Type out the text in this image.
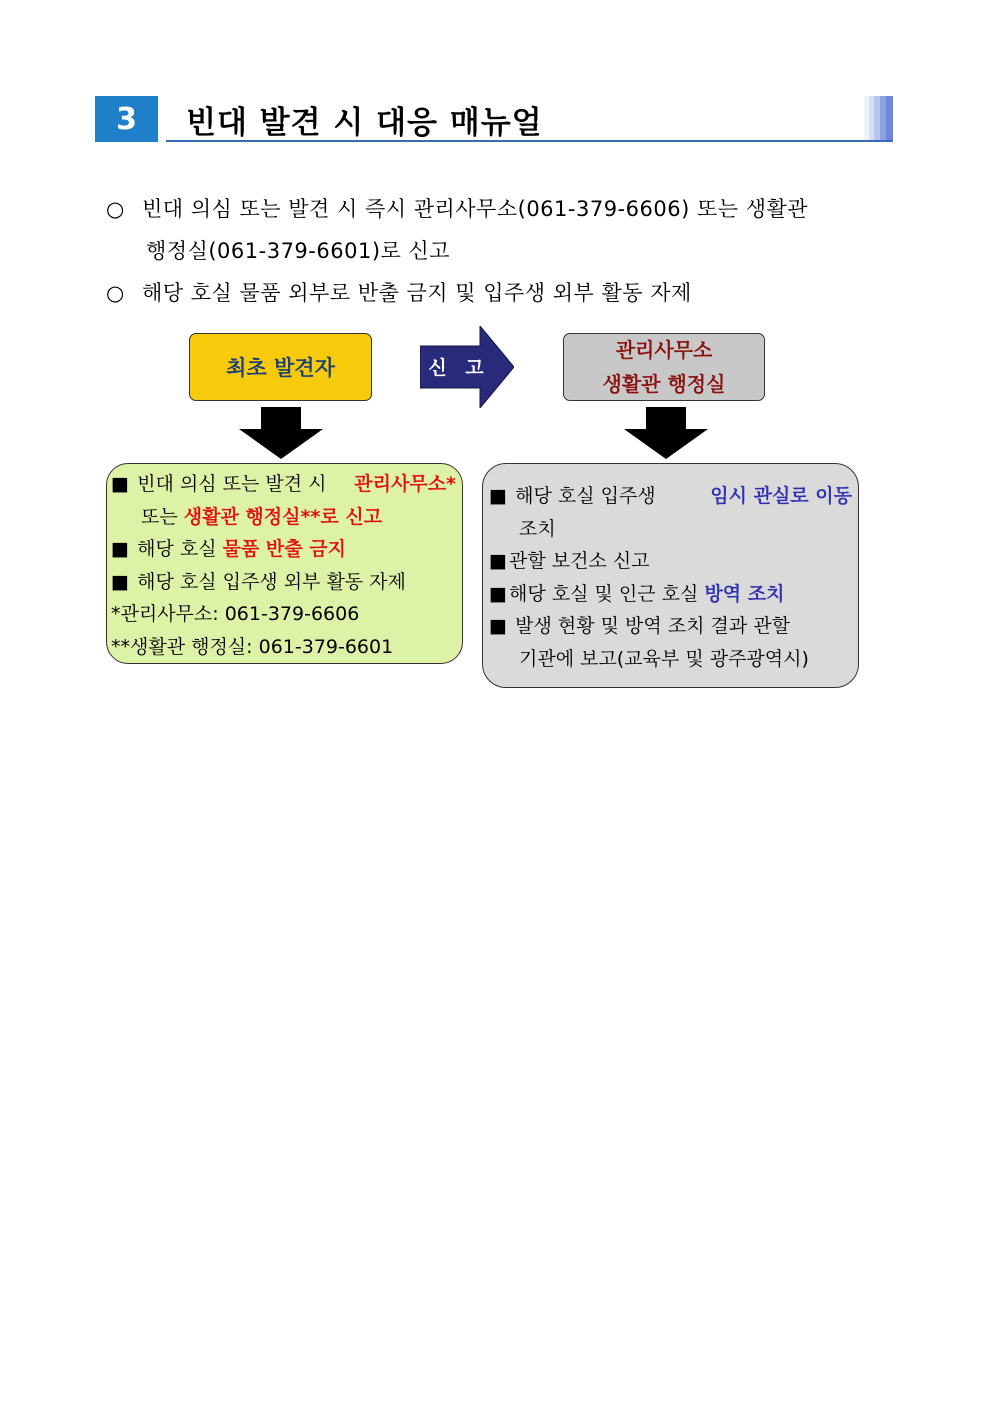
3	빈대 발견 시 대응 매뉴얼
○ 빈대 의심 또는 발견 시 즉시 관리사무소(061-379-6606) 또는 생활관
행정실(061-379-6601)로 신고
○ 해당 호실 물품 외부로 반출 금지 및 입주생 외부 활동 자제
최초 발견자	신 고
관리사무소
생활관 행정실
■ 빈대 의심 또는 발견 시 관리사무소*
또는 생활관 행정실**로 신고
■ 해당 호실 물품 반출 금지
■ 해당 호실 입주생 외부 활동 자제
*관리사무소: 061-379-6606
**생활관 행정실: 061-379-6601
■ 해당 호실 입주생	임시 관실로 이동
조치
■ 관할 보건소 신고
■ 해당 호실 및 인근 호실 방역 조치
■ 발생 현황 및 방역 조치 결과 관할
기관에 보고(교육부 및 광주광역시)
